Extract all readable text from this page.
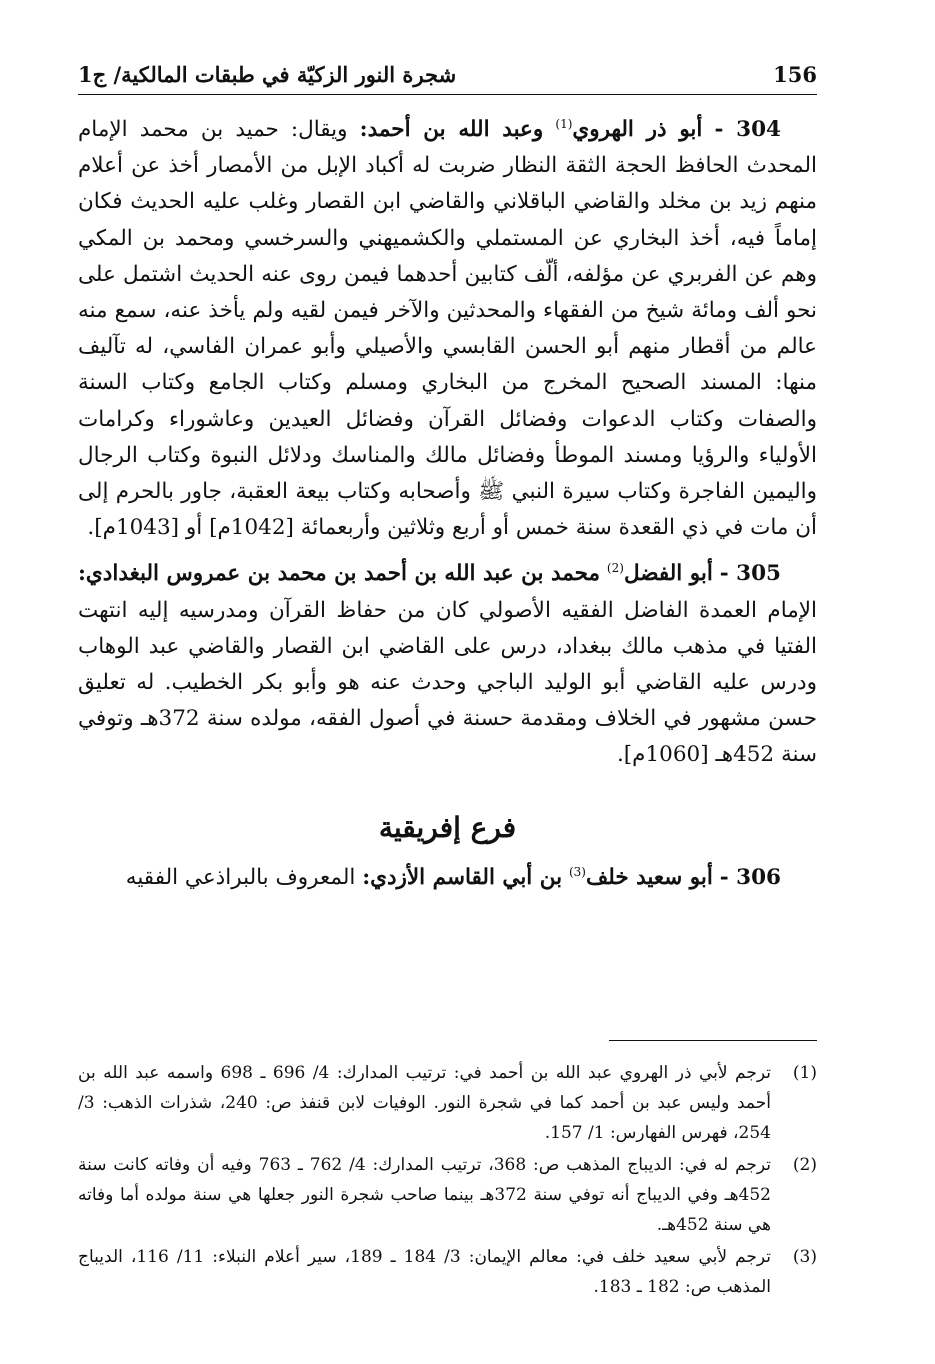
156
شجرة النور الزكيّة في طبقات المالكية/ ج1

304 - أبو ذر الهروي$^{(1)}$ وعبد الله بن أحمد: ويقال: حميد بن محمد الإمام المحدث الحافظ الحجة الثقة النظار ضربت له أكباد الإبل من الأمصار أخذ عن أعلام منهم زيد بن مخلد والقاضي الباقلاني والقاضي ابن القصار وغلب عليه الحديث فكان إماماً فيه، أخذ البخاري عن المستملي والكشميهني والسرخسي ومحمد بن المكي وهم عن الفربري عن مؤلفه، ألّف كتابين أحدهما فيمن روى عنه الحديث اشتمل على نحو ألف ومائة شيخ من الفقهاء والمحدثين والآخر فيمن لقيه ولم يأخذ عنه، سمع منه عالم من أقطار منهم أبو الحسن القابسي والأصيلي وأبو عمران الفاسي، له تآليف منها: المسند الصحيح المخرج من البخاري ومسلم وكتاب الجامع وكتاب السنة والصفات وكتاب الدعوات وفضائل القرآن وفضائل العيدين وعاشوراء وكرامات الأولياء والرؤيا ومسند الموطأ وفضائل مالك والمناسك ودلائل النبوة وكتاب الرجال واليمين الفاجرة وكتاب سيرة النبي ﷺ وأصحابه وكتاب بيعة العقبة، جاور بالحرم إلى أن مات في ذي القعدة سنة خمس أو أربع وثلاثين وأربعمائة [1042م] أو [1043م].

305 - أبو الفضل$^{(2)}$ محمد بن عبد الله بن أحمد بن محمد بن عمروس البغدادي: الإمام العمدة الفاضل الفقيه الأصولي كان من حفاظ القرآن ومدرسيه إليه انتهت الفتيا في مذهب مالك ببغداد، درس على القاضي ابن القصار والقاضي عبد الوهاب ودرس عليه القاضي أبو الوليد الباجي وحدث عنه هو وأبو بكر الخطيب. له تعليق حسن مشهور في الخلاف ومقدمة حسنة في أصول الفقه، مولده سنة 372هـ وتوفي سنة 452هـ [1060م].

فرع إفريقية

306 - أبو سعيد خلف$^{(3)}$ بن أبي القاسم الأزدي: المعروف بالبراذعي الفقيه

(1)
ترجم لأبي ذر الهروي عبد الله بن أحمد في: ترتيب المدارك: 4/ 696 ـ 698 واسمه عبد الله بن أحمد وليس عبد بن أحمد كما في شجرة النور. الوفيات لابن قنفذ ص: 240، شذرات الذهب: 3/ 254، فهرس الفهارس: 1/ 157.
(2)
ترجم له في: الديباج المذهب ص: 368، ترتيب المدارك: 4/ 762 ـ 763 وفيه أن وفاته كانت سنة 452هـ وفي الديباج أنه توفي سنة 372هـ بينما صاحب شجرة النور جعلها هي سنة مولده أما وفاته هي سنة 452هـ.
(3)
ترجم لأبي سعيد خلف في: معالم الإيمان: 3/ 184 ـ 189، سير أعلام النبلاء: 11/ 116، الديباج المذهب ص: 182 ـ 183.
